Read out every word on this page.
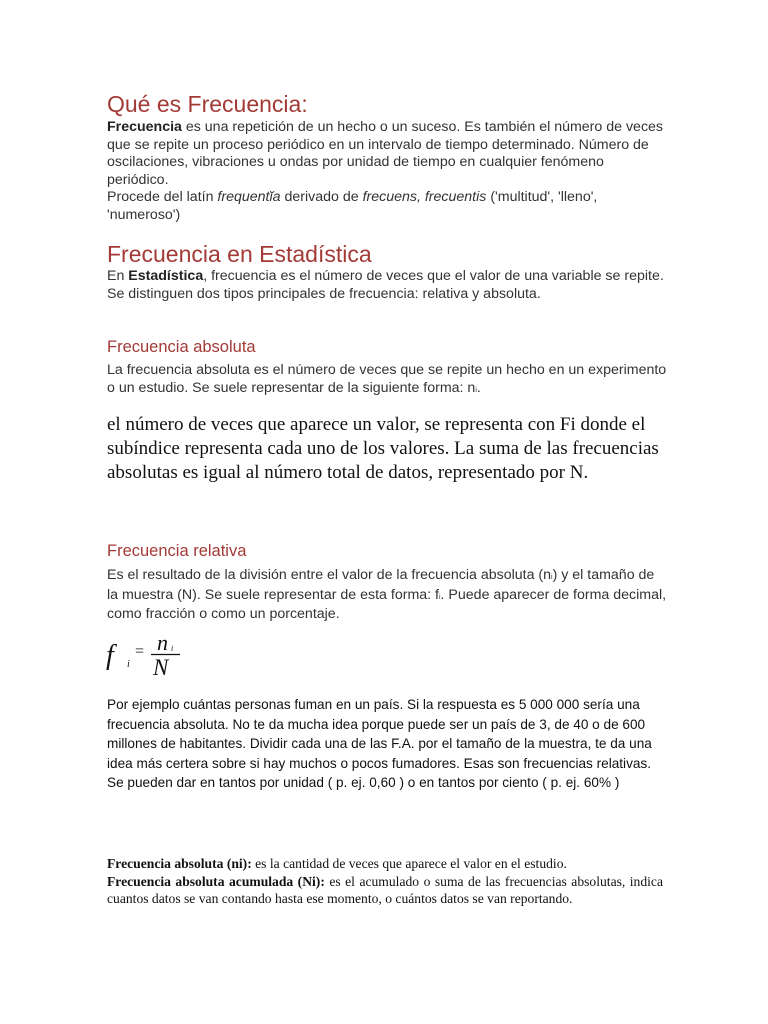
Qué es Frecuencia:

Frecuencia es una repetición de un hecho o un suceso. Es también el número de veces que se repite un proceso periódico en un intervalo de tiempo determinado. Número de oscilaciones, vibraciones u ondas por unidad de tiempo en cualquier fenómeno periódico.

Procede del latín frequentĭa derivado de frecuens, frecuentis ('multitud', 'lleno', 'numeroso')

Frecuencia en Estadística

En Estadística, frecuencia es el número de veces que el valor de una variable se repite. Se distinguen dos tipos principales de frecuencia: relativa y absoluta.

Frecuencia absoluta

La frecuencia absoluta es el número de veces que se repite un hecho en un experimento o un estudio. Se suele representar de la siguiente forma: ni.

el número de veces que aparece un valor, se representa con Fi donde el subíndice representa cada uno de los valores. La suma de las frecuencias absolutas es igual al número total de datos, representado por N.

Frecuencia relativa

Es el resultado de la división entre el valor de la frecuencia absoluta (ni) y el tamaño de la muestra (N). Se suele representar de esta forma: fi. Puede aparecer de forma decimal, como fracción o como un porcentaje.

f	i
= n i
N

Por ejemplo cuántas personas fuman en un país. Si la respuesta es 5 000 000 sería una frecuencia absoluta. No te da mucha idea porque puede ser un país de 3, de 40 o de 600 millones de habitantes. Dividir cada una de las F.A. por el tamaño de la muestra, te da una idea más certera sobre si hay muchos o pocos fumadores. Esas son frecuencias relativas. Se pueden dar en tantos por unidad ( p. ej. 0,60 ) o en tantos por ciento ( p. ej. 60% )

Frecuencia absoluta (ni): es la cantidad de veces que aparece el valor en el estudio.
Frecuencia absoluta acumulada (Ni): es el acumulado o suma de las frecuencias absolutas, indica cuantos datos se van contando hasta ese momento, o cuántos datos se van reportando.
